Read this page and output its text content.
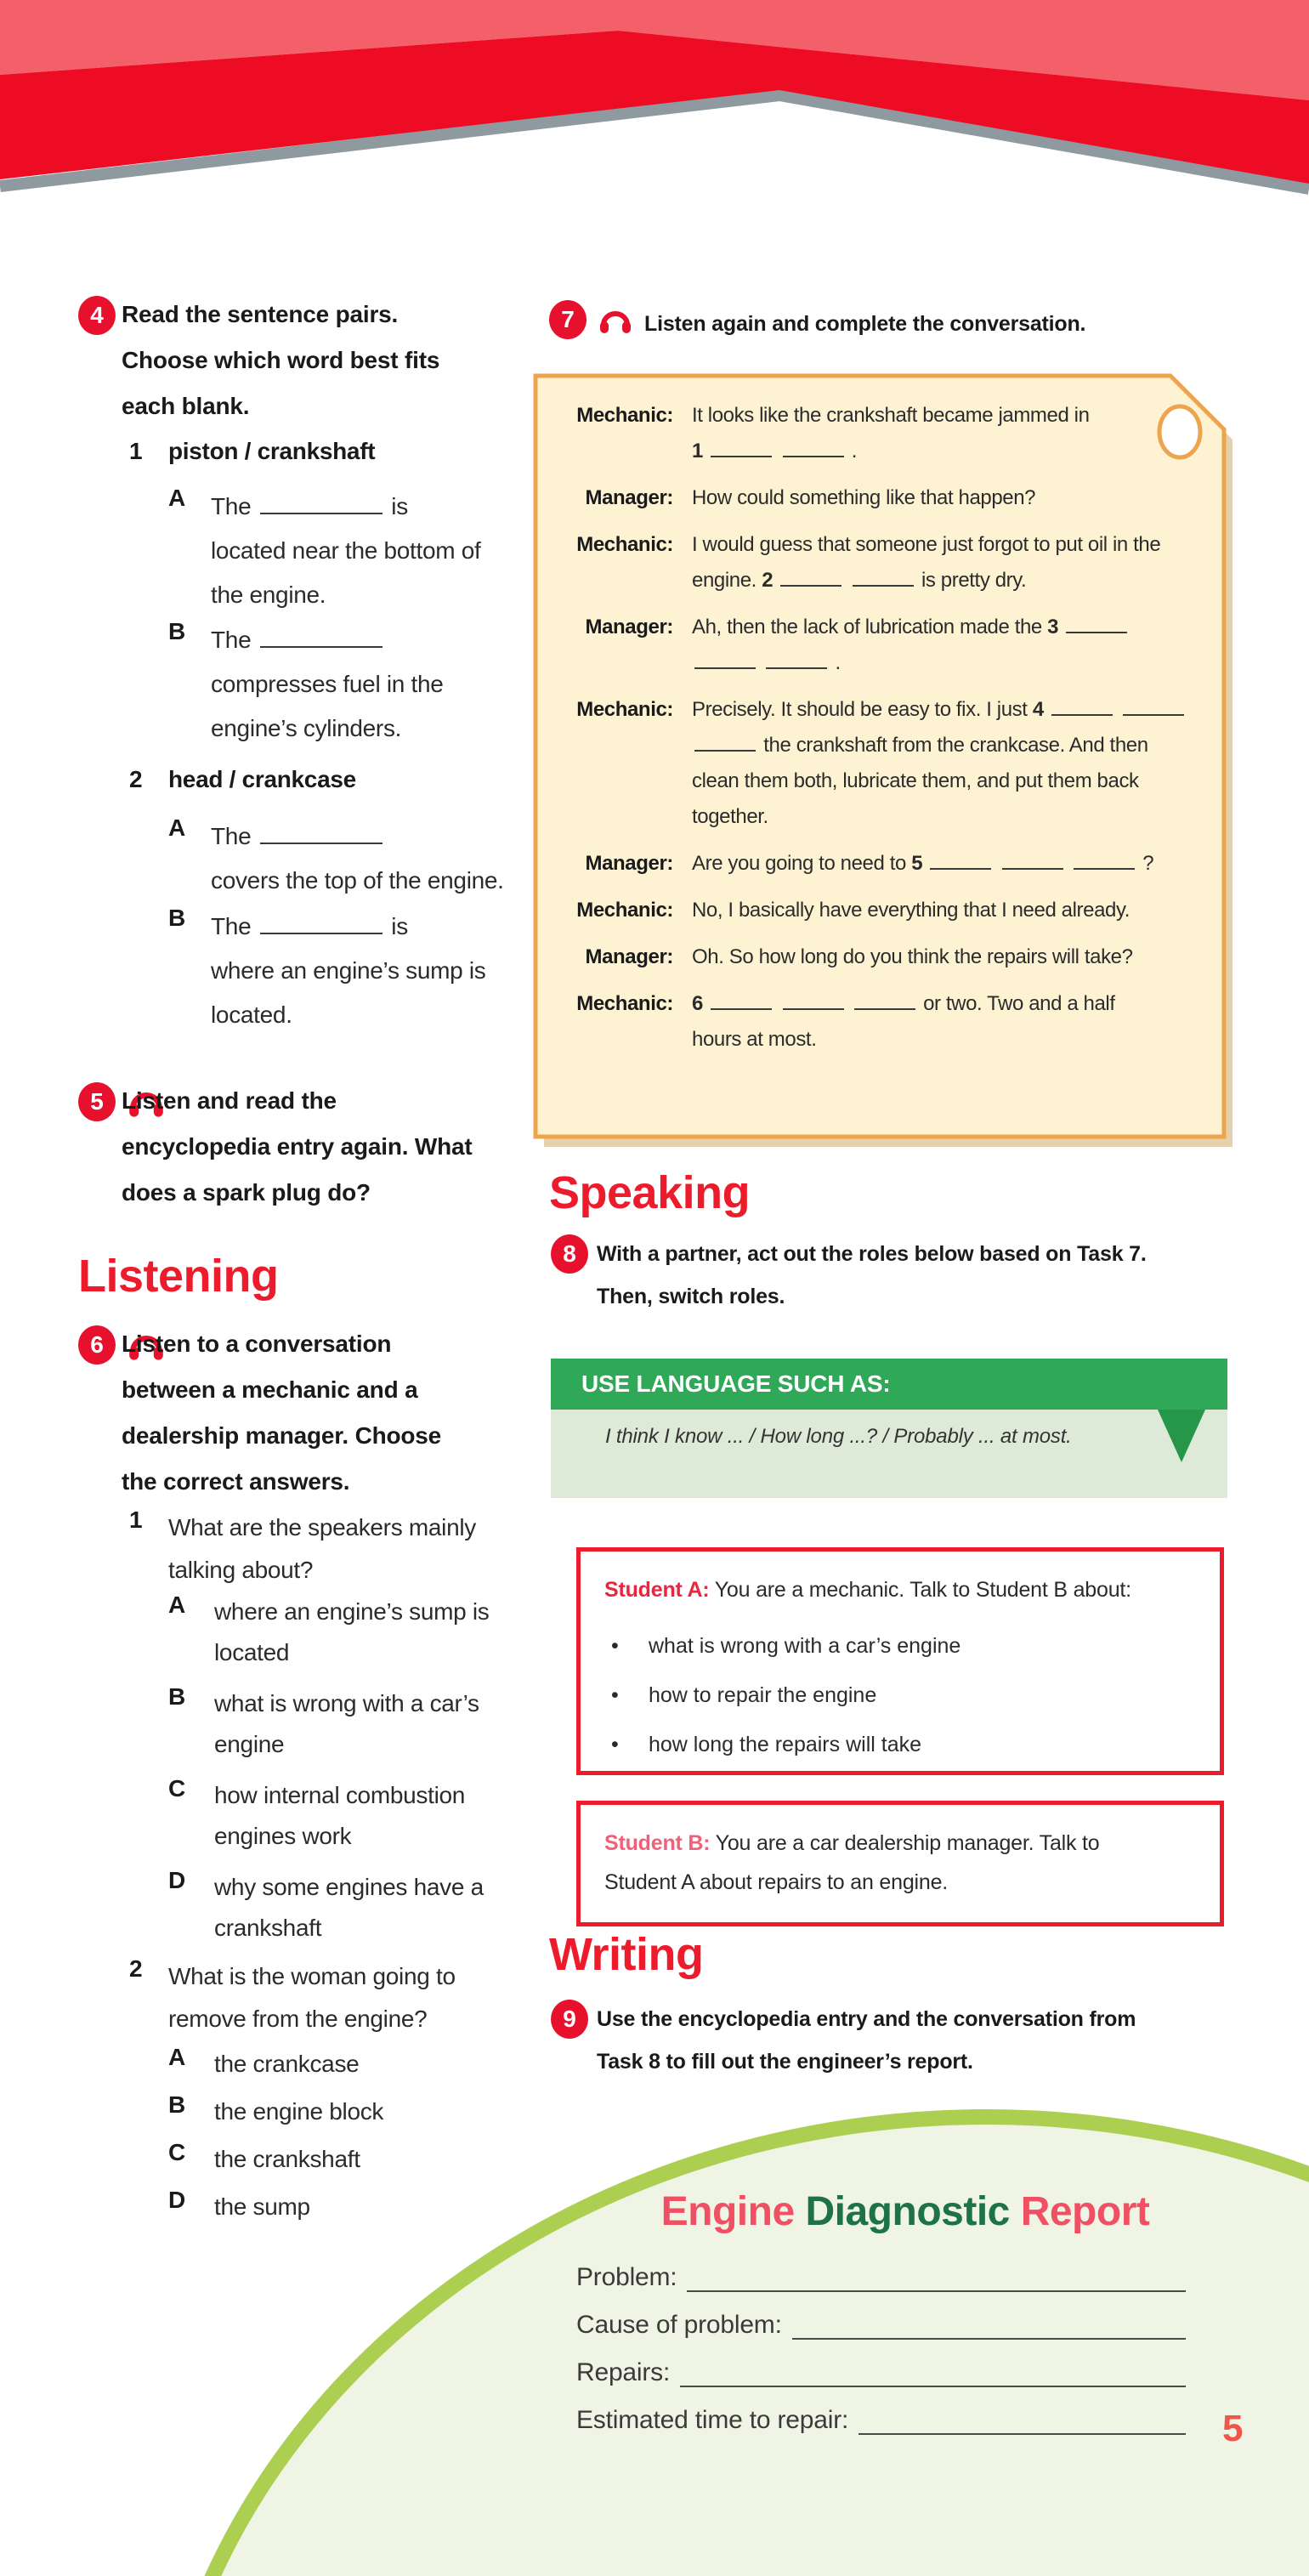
4 Read the sentence pairs.
Choose which word best fits
each blank.
1	piston / crankshaft
A	The	is
located near the bottom of
the engine.
B	The
compresses fuel in the
engine’s cylinders.
2	head / crankcase
A	The
covers the top of the engine.
B	The	is
where an engine’s sump is
located.
5 Listen and read the
encyclopedia entry again. What
does a spark plug do?
Listening
6 Listen to a conversation
between a mechanic and a
dealership manager. Choose
the correct answers.
1	What are the speakers mainly
talking about?
A	where an engine’s sump is
located
B	what is wrong with a car’s
engine
C	how internal combustion
engines work
D	why some engines have a
crankshaft
2	What is the woman going to
remove from the engine?
A	the crankcase
B	the engine block
C	the crankshaft
D	the sump
7	Listen again and complete the conversation.
Mechanic: It looks like the crankshaft became jammed in
1	.
Manager: How could something like that happen?
Mechanic: I would guess that someone just forgot to put oil in the
engine. 2	is pretty dry.
Manager: Ah, then the lack of lubrication made the 3
.
Mechanic: Precisely. It should be easy to fix. I just 4
the crankshaft from the crankcase. And then
clean them both, lubricate them, and put them back
together.
Manager: Are you going to need to 5	?
Mechanic: No, I basically have everything that I need already.
Manager: Oh. So how long do you think the repairs will take?
Mechanic: 6	or two. Two and a half
hours at most.
Speaking
8 With a partner, act out the roles below based on Task 7.
Then, switch roles.
USE LANGUAGE SUCH AS:
I think I know ... / How long ...? / Probably ... at most.
Student A: You are a mechanic. Talk to Student B about:
•	what is wrong with a car’s engine
•	how to repair the engine
•	how long the repairs will take
Student B: You are a car dealership manager. Talk to
Student A about repairs to an engine.
Writing
9 Use the encyclopedia entry and the conversation from
Task 8 to fill out the engineer’s report.
Engine Diagnostic Report
Problem:
Cause of problem:
Repairs:
Estimated time to repair:	5
